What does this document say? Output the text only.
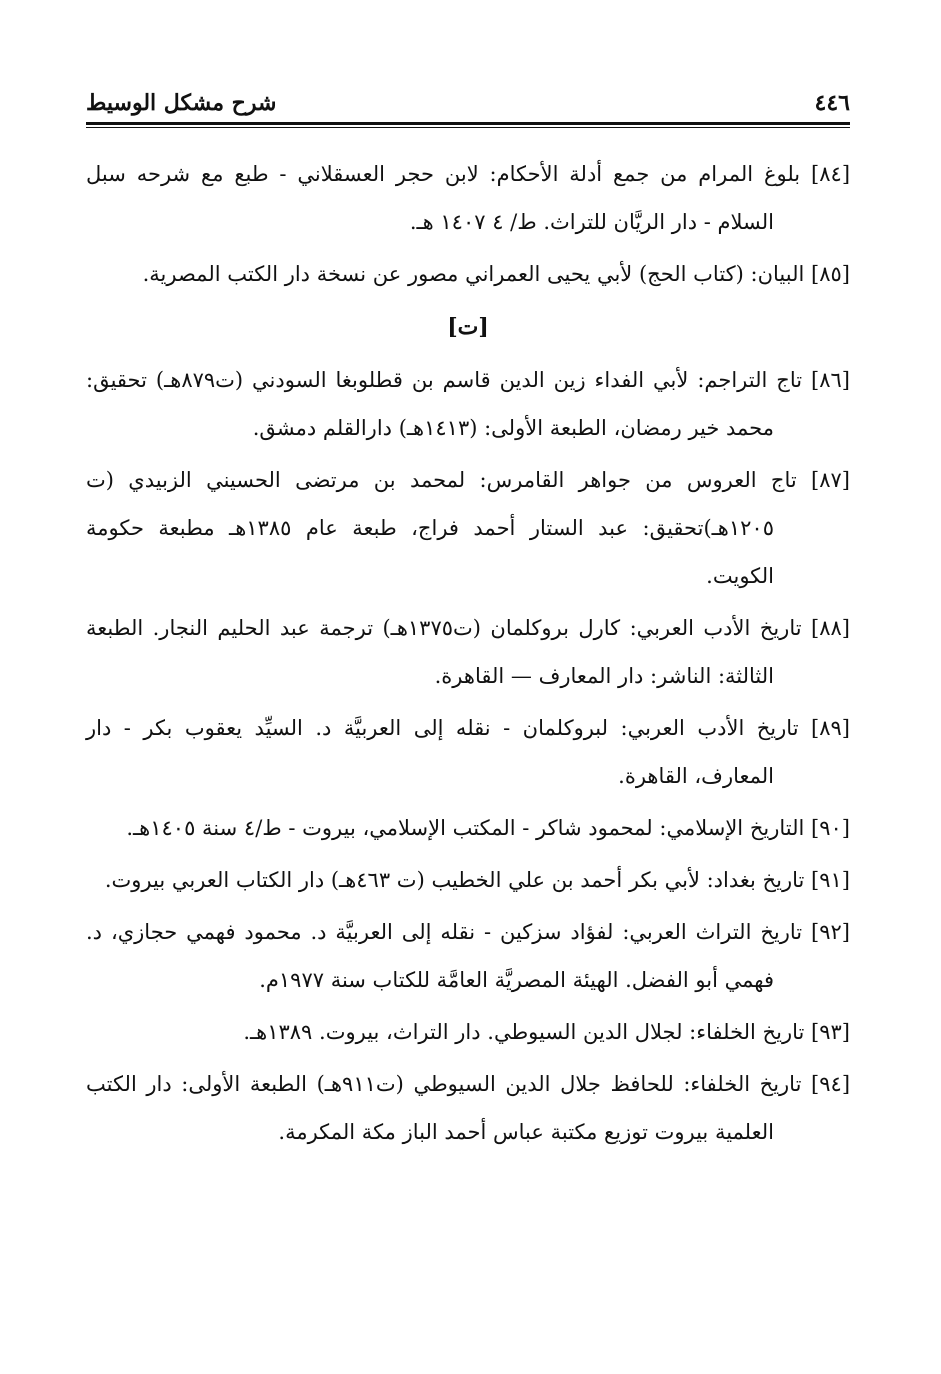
٤٤٦
شرح مشكل الوسيط

[٨٤] بلوغ المرام من جمع أدلة الأحكام: لابن حجر العسقلاني - طبع مع شرحه سبل السلام - دار الريَّان للتراث. ط/ ٤ ١٤٠٧ هـ.

[٨٥] البيان: (كتاب الحج) لأبي يحيى العمراني مصور عن نسخة دار الكتب المصرية.

[ت]

[٨٦] تاج التراجم: لأبي الفداء زين الدين قاسم بن قطلوبغا السودني (ت٨٧٩هـ) تحقيق: محمد خير رمضان، الطبعة الأولى: (١٤١٣هـ) دارالقلم دمشق.

[٨٧] تاج العروس من جواهر القامرس: لمحمد بن مرتضى الحسيني الزبيدي (ت ١٢٠٥هـ)تحقيق: عبد الستار أحمد فراج، طبعة عام ١٣٨٥هـ مطبعة حكومة الكويت.

[٨٨] تاريخ الأدب العربي: كارل بروكلمان (ت١٣٧٥هـ) ترجمة عبد الحليم النجار. الطبعة الثالثة: الناشر: دار المعارف — القاهرة.

[٨٩] تاريخ الأدب العربي: لبروكلمان - نقله إلى العربيَّة د. السيِّد يعقوب بكر - دار المعارف، القاهرة.

[٩٠] التاريخ الإسلامي: لمحمود شاكر - المكتب الإسلامي، بيروت - ط/٤ سنة ١٤٠٥هـ.

[٩١] تاريخ بغداد: لأبي بكر أحمد بن علي الخطيب (ت ٤٦٣هـ) دار الكتاب العربي بيروت.

[٩٢] تاريخ التراث العربي: لفؤاد سزكين - نقله إلى العربيَّة د. محمود فهمي حجازي، د. فهمي أبو الفضل. الهيئة المصريَّة العامَّة للكتاب سنة ١٩٧٧م.

[٩٣] تاريخ الخلفاء: لجلال الدين السيوطي. دار التراث، بيروت. ١٣٨٩هـ.

[٩٤] تاريخ الخلفاء: للحافظ جلال الدين السيوطي (ت٩١١هـ) الطبعة الأولى: دار الكتب العلمية بيروت توزيع مكتبة عباس أحمد الباز مكة المكرمة.
